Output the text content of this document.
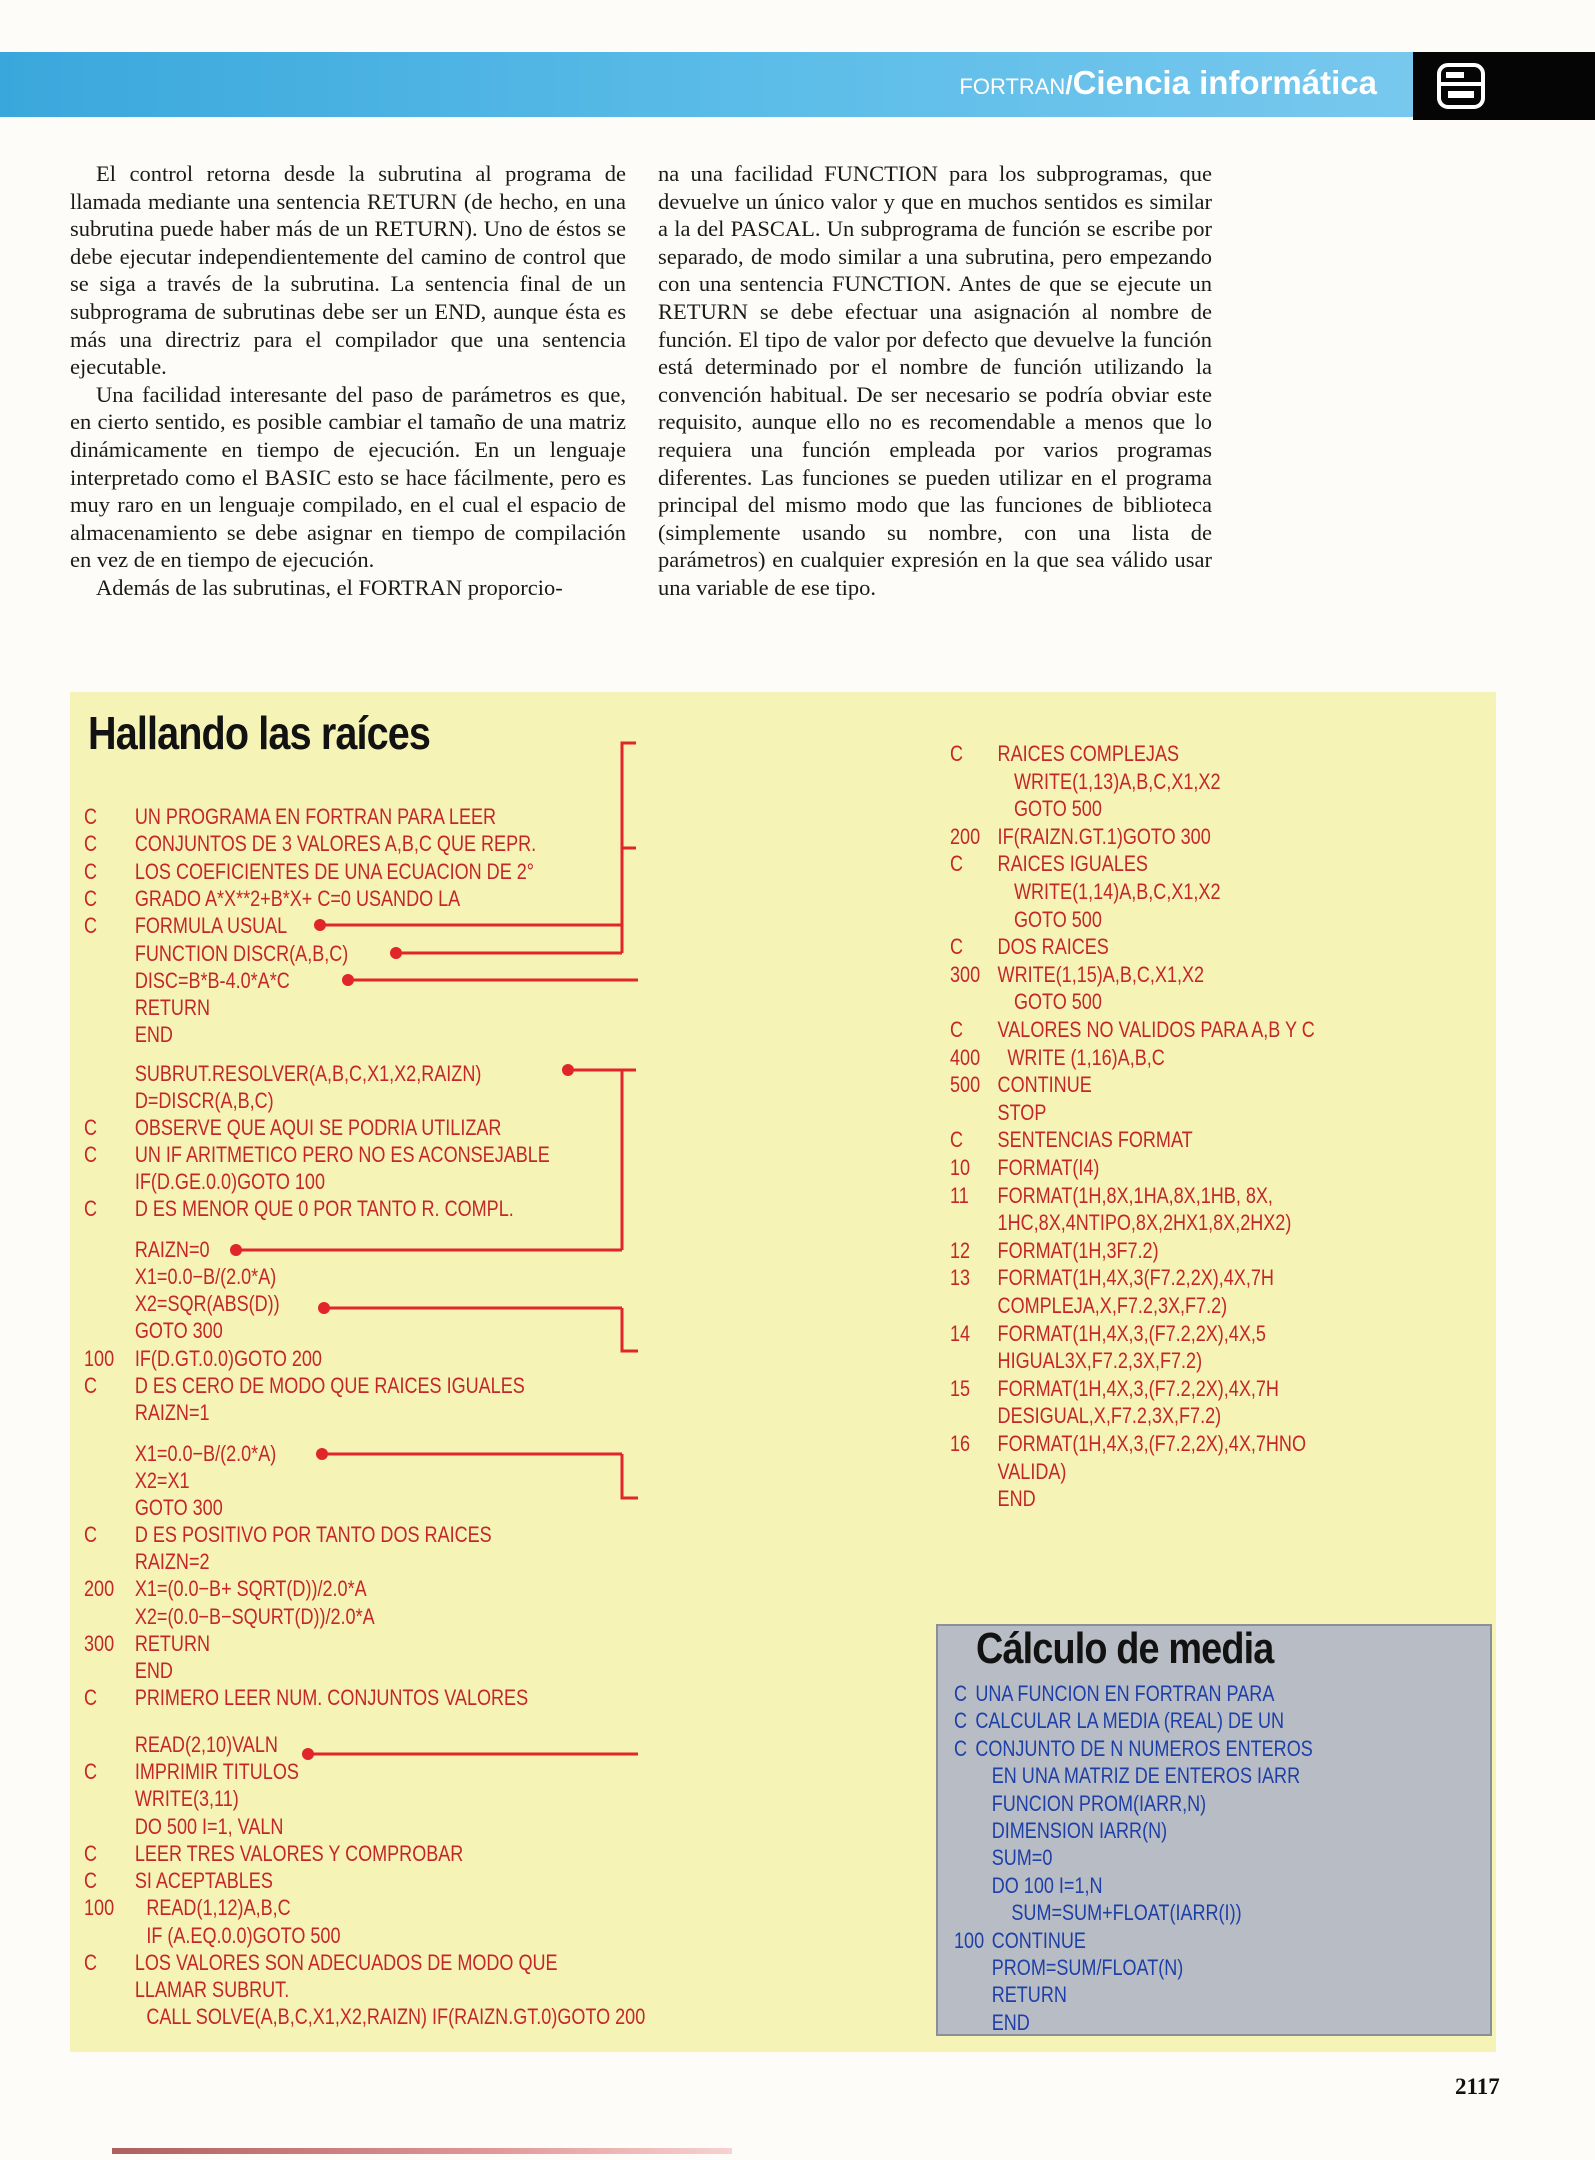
FORTRAN/Ciencia informática

El control retorna desde la subrutina al programa de llamada mediante una sentencia RETURN (de hecho, en una subrutina puede haber más de un RETURN). Uno de éstos se debe ejecutar independientemente del camino de control que se siga a través de la subrutina. La sentencia final de un subprograma de subrutinas debe ser un END, aunque ésta es más una directriz para el compilador que una sentencia ejecutable.

Una facilidad interesante del paso de parámetros es que, en cierto sentido, es posible cambiar el tamaño de una matriz dinámicamente en tiempo de ejecución. En un lenguaje interpretado como el BASIC esto se hace fácilmente, pero es muy raro en un lenguaje compilado, en el cual el espacio de almacenamiento se debe asignar en tiempo de compilación en vez de en tiempo de ejecución.

Además de las subrutinas, el FORTRAN proporcio-

na una facilidad FUNCTION para los subprogramas, que devuelve un único valor y que en muchos sentidos es similar a la del PASCAL. Un subprograma de función se escribe por separado, de modo similar a una subrutina, pero empezando con una sentencia FUNCTION. Antes de que se ejecute un RETURN se debe efectuar una asignación al nombre de función. El tipo de valor por defecto que devuelve la función está determinado por el nombre de función utilizando la convención habitual. De ser necesario se podría obviar este requisito, aunque ello no es recomendable a menos que lo requiera una función empleada por varios programas diferentes. Las funciones se pueden utilizar en el programa principal del mismo modo que las funciones de biblioteca (simplemente usando su nombre, con una lista de parámetros) en cualquier expresión en la que sea válido usar una variable de ese tipo.

Hallando las raíces
C UN PROGRAMA EN FORTRAN PARA LEER
C CONJUNTOS DE 3 VALORES A,B,C QUE REPR.
C LOS COEFICIENTES DE UNA ECUACION DE 2°
C GRADO A*X**2+B*X+ C=0 USANDO LA
C FORMULA USUAL
FUNCTION DISCR(A,B,C)
DISC=B*B-4.0*A*C
RETURN
END
SUBRUT.RESOLVER(A,B,C,X1,X2,RAIZN)
D=DISCR(A,B,C)
C OBSERVE QUE AQUI SE PODRIA UTILIZAR
C UN IF ARITMETICO PERO NO ES ACONSEJABLE
IF(D.GE.0.0)GOTO 100
C D ES MENOR QUE 0 POR TANTO R. COMPL.
RAIZN=0
X1=0.0−B/(2.0*A)
X2=SQR(ABS(D))
GOTO 300
100 IF(D.GT.0.0)GOTO 200
C D ES CERO DE MODO QUE RAICES IGUALES
RAIZN=1
X1=0.0−B/(2.0*A)
X2=X1
GOTO 300
C D ES POSITIVO POR TANTO DOS RAICES
RAIZN=2
200 X1=(0.0−B+ SQRT(D))/2.0*A
X2=(0.0−B−SQURT(D))/2.0*A
300 RETURN
END
C PRIMERO LEER NUM. CONJUNTOS VALORES
READ(2,10)VALN
C IMPRIMIR TITULOS
WRITE(3,11)
DO 500 I=1, VALN
C LEER TRES VALORES Y COMPROBAR
C SI ACEPTABLES
100 READ(1,12)A,B,C
IF (A.EQ.0.0)GOTO 500
C LOS VALORES SON ADECUADOS DE MODO QUE
LLAMAR SUBRUT.
CALL SOLVE(A,B,C,X1,X2,RAIZN) IF(RAIZN.GT.0)GOTO 200
C RAICES COMPLEJAS
WRITE(1,13)A,B,C,X1,X2
GOTO 500
200 IF(RAIZN.GT.1)GOTO 300
C RAICES IGUALES
WRITE(1,14)A,B,C,X1,X2
GOTO 500
C DOS RAICES
300 WRITE(1,15)A,B,C,X1,X2
GOTO 500
C VALORES NO VALIDOS PARA A,B Y C
400 WRITE (1,16)A,B,C
500 CONTINUE
STOP
C SENTENCIAS FORMAT
10 FORMAT(I4)
11 FORMAT(1H,8X,1HA,8X,1HB, 8X,
1HC,8X,4NTIPO,8X,2HX1,8X,2HX2)
12 FORMAT(1H,3F7.2)
13 FORMAT(1H,4X,3(F7.2,2X),4X,7H
COMPLEJA,X,F7.2,3X,F7.2)
14 FORMAT(1H,4X,3,(F7.2,2X),4X,5
HIGUAL3X,F7.2,3X,F7.2)
15 FORMAT(1H,4X,3,(F7.2,2X),4X,7H
DESIGUAL,X,F7.2,3X,F7.2)
16 FORMAT(1H,4X,3,(F7.2,2X),4X,7HNO
VALIDA)
END
Cálculo de media
C UNA FUNCION EN FORTRAN PARA
C CALCULAR LA MEDIA (REAL) DE UN
C CONJUNTO DE N NUMEROS ENTEROS
EN UNA MATRIZ DE ENTEROS IARR
FUNCION PROM(IARR,N)
DIMENSION IARR(N)
SUM=0
DO 100 I=1,N
SUM=SUM+FLOAT(IARR(I))
100 CONTINUE
PROM=SUM/FLOAT(N)
RETURN
END
2117
